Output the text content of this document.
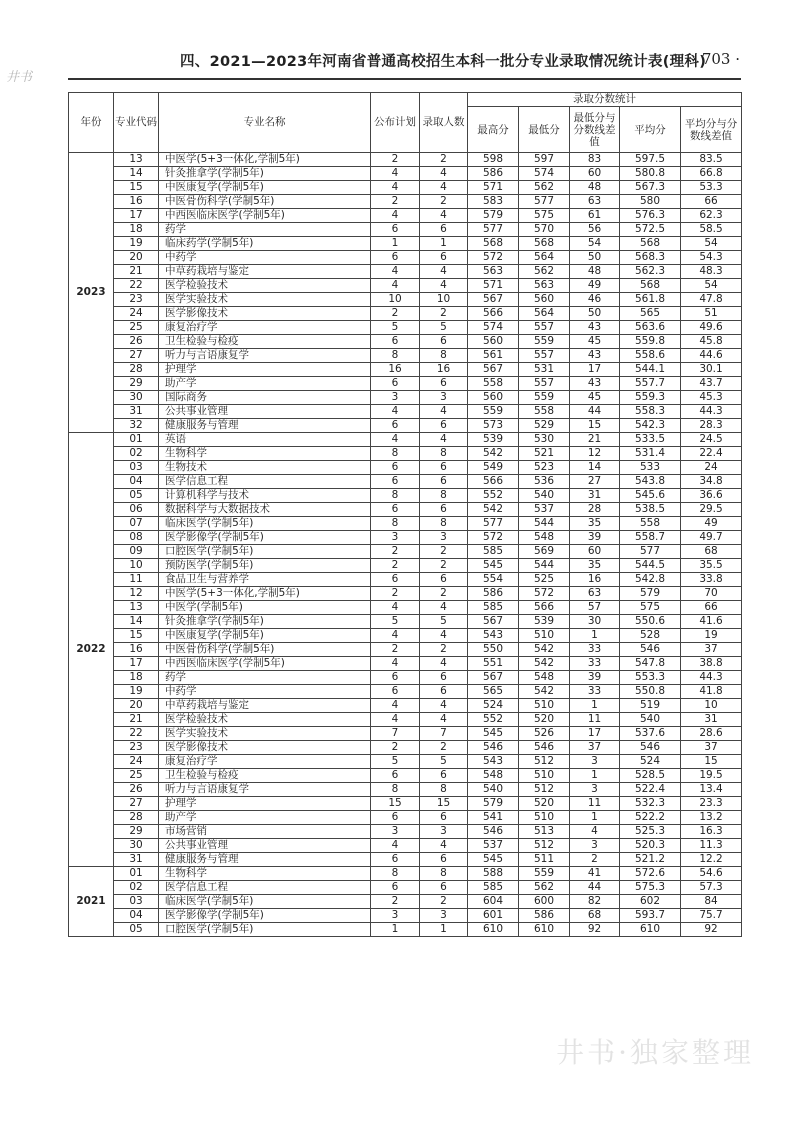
四、2021—2023年河南省普通高校招生本科一批分专业录取情况统计表(理科)
· 703 ·
井书
年份	专业代码	专业名称	公布计划	录取人数	录取分数统计				
					最高分	最低分	最低分与分数线差值	平均分	平均分与分数线差值
2023	13	中医学(5+3一体化,学制5年)	2	2	598	597	83	597.5	83.5
	14	针灸推拿学(学制5年)	4	4	586	574	60	580.8	66.8
	15	中医康复学(学制5年)	4	4	571	562	48	567.3	53.3
	16	中医骨伤科学(学制5年)	2	2	583	577	63	580	66
	17	中西医临床医学(学制5年)	4	4	579	575	61	576.3	62.3
	18	药学	6	6	577	570	56	572.5	58.5
	19	临床药学(学制5年)	1	1	568	568	54	568	54
	20	中药学	6	6	572	564	50	568.3	54.3
	21	中草药栽培与鉴定	4	4	563	562	48	562.3	48.3
	22	医学检验技术	4	4	571	563	49	568	54
	23	医学实验技术	10	10	567	560	46	561.8	47.8
	24	医学影像技术	2	2	566	564	50	565	51
	25	康复治疗学	5	5	574	557	43	563.6	49.6
	26	卫生检验与检疫	6	6	560	559	45	559.8	45.8
	27	听力与言语康复学	8	8	561	557	43	558.6	44.6
	28	护理学	16	16	567	531	17	544.1	30.1
	29	助产学	6	6	558	557	43	557.7	43.7
	30	国际商务	3	3	560	559	45	559.3	45.3
	31	公共事业管理	4	4	559	558	44	558.3	44.3
	32	健康服务与管理	6	6	573	529	15	542.3	28.3
2022	01	英语	4	4	539	530	21	533.5	24.5
	02	生物科学	8	8	542	521	12	531.4	22.4
	03	生物技术	6	6	549	523	14	533	24
	04	医学信息工程	6	6	566	536	27	543.8	34.8
	05	计算机科学与技术	8	8	552	540	31	545.6	36.6
	06	数据科学与大数据技术	6	6	542	537	28	538.5	29.5
	07	临床医学(学制5年)	8	8	577	544	35	558	49
	08	医学影像学(学制5年)	3	3	572	548	39	558.7	49.7
	09	口腔医学(学制5年)	2	2	585	569	60	577	68
	10	预防医学(学制5年)	2	2	545	544	35	544.5	35.5
	11	食品卫生与营养学	6	6	554	525	16	542.8	33.8
	12	中医学(5+3一体化,学制5年)	2	2	586	572	63	579	70
	13	中医学(学制5年)	4	4	585	566	57	575	66
	14	针灸推拿学(学制5年)	5	5	567	539	30	550.6	41.6
	15	中医康复学(学制5年)	4	4	543	510	1	528	19
	16	中医骨伤科学(学制5年)	2	2	550	542	33	546	37
	17	中西医临床医学(学制5年)	4	4	551	542	33	547.8	38.8
	18	药学	6	6	567	548	39	553.3	44.3
	19	中药学	6	6	565	542	33	550.8	41.8
	20	中草药栽培与鉴定	4	4	524	510	1	519	10
	21	医学检验技术	4	4	552	520	11	540	31
	22	医学实验技术	7	7	545	526	17	537.6	28.6
	23	医学影像技术	2	2	546	546	37	546	37
	24	康复治疗学	5	5	543	512	3	524	15
	25	卫生检验与检疫	6	6	548	510	1	528.5	19.5
	26	听力与言语康复学	8	8	540	512	3	522.4	13.4
	27	护理学	15	15	579	520	11	532.3	23.3
	28	助产学	6	6	541	510	1	522.2	13.2
	29	市场营销	3	3	546	513	4	525.3	16.3
	30	公共事业管理	4	4	537	512	3	520.3	11.3
	31	健康服务与管理	6	6	545	511	2	521.2	12.2
2021	01	生物科学	8	8	588	559	41	572.6	54.6
	02	医学信息工程	6	6	585	562	44	575.3	57.3
	03	临床医学(学制5年)	2	2	604	600	82	602	84
	04	医学影像学(学制5年)	3	3	601	586	68	593.7	75.7
	05	口腔医学(学制5年)	1	1	610	610	92	610	92
井书·独家整理
